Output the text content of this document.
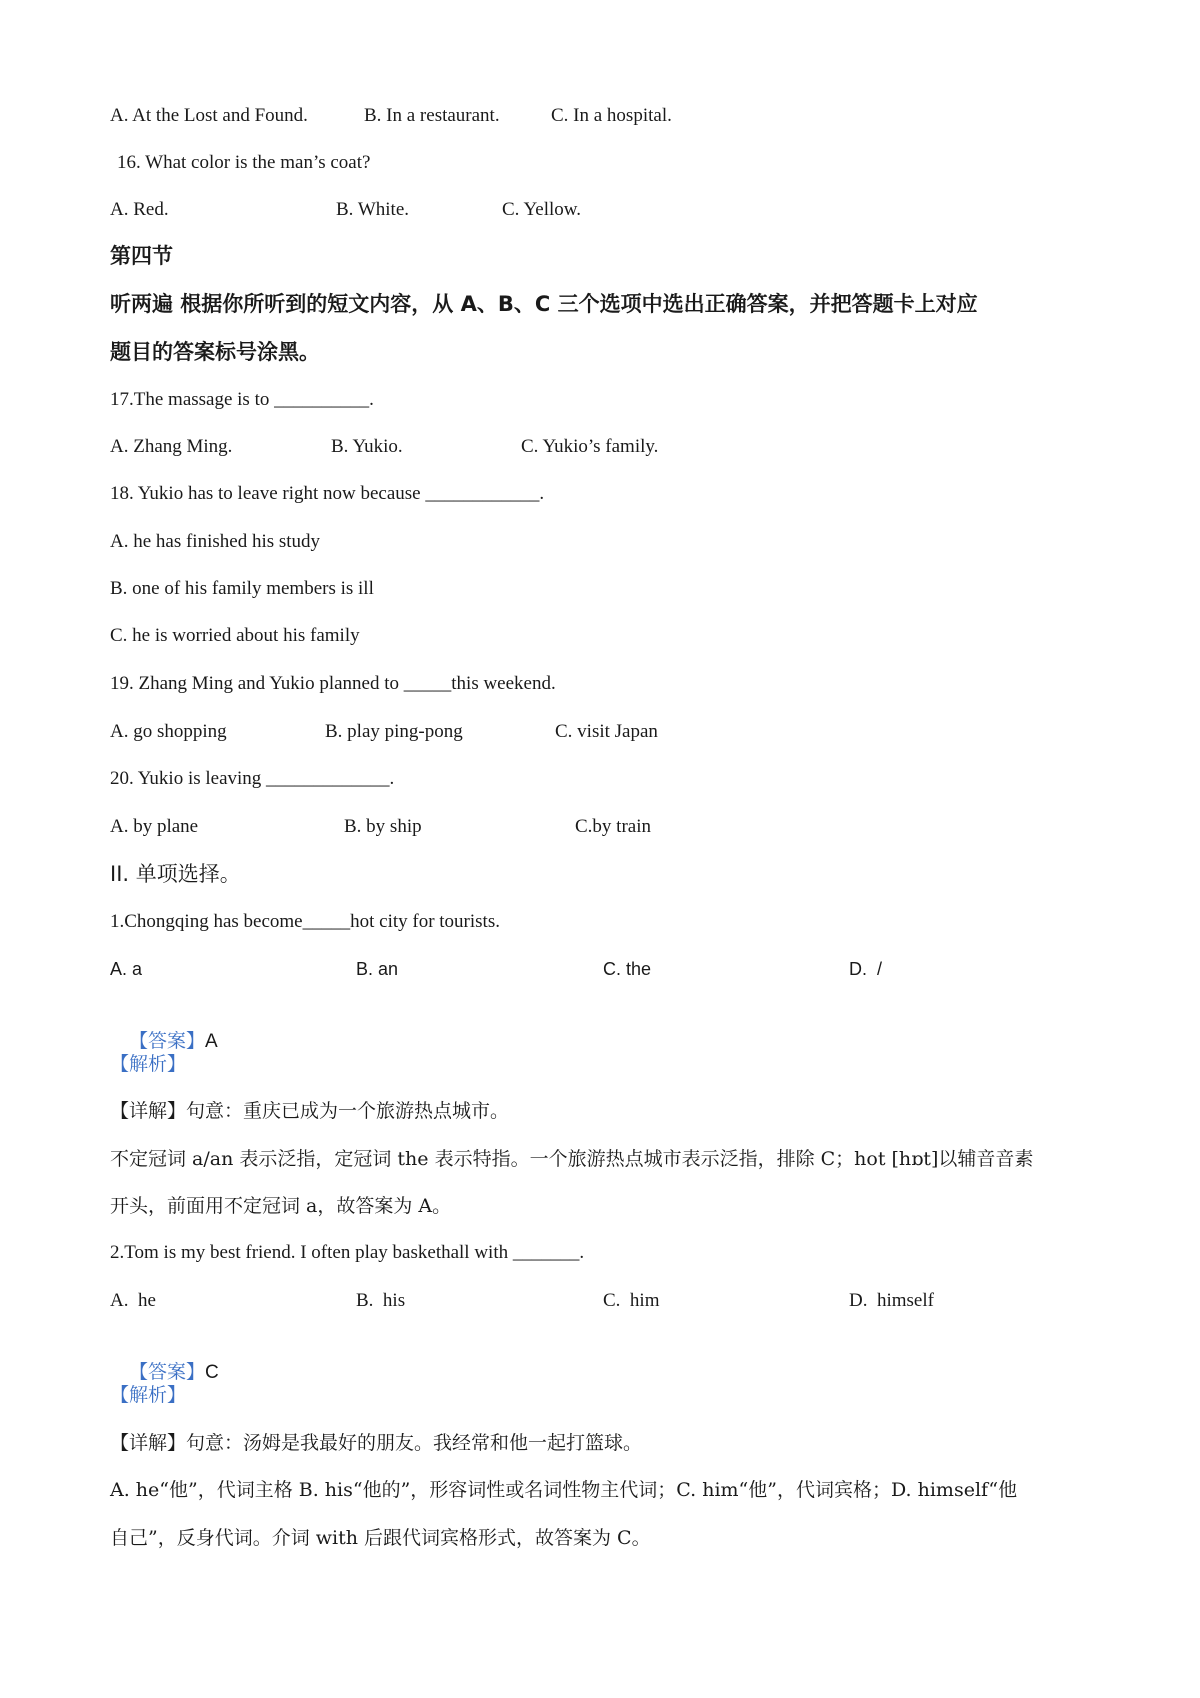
A. At the Lost and Found.	B. In a restaurant.	C. In a hospital.
16. What color is the man’s coat?
A. Red.	B. White.	C. Yellow.
第四节
听两遍 根据你所听到的短文内容，从 A、B、C 三个选项中选出正确答案，并把答题卡上对应
题目的答案标号涂黑。
17.The massage is to __________.
A. Zhang Ming.	B. Yukio.	C. Yukio’s family.
18. Yukio has to leave right now because ____________.
A. he has finished his study
B. one of his family members is ill
C. he is worried about his family
19. Zhang Ming and Yukio planned to _____this weekend.
A. go shopping	B. play ping-pong	C. visit Japan
20. Yukio is leaving _____________.
A. by plane	B. by ship	C.by train
II. 单项选择。
1.Chongqing has become_____hot city for tourists.
A. a	B. an	C. the	D.  /

【答案】A

【解析】
【详解】句意：重庆已成为一个旅游热点城市。
不定冠词 a/an 表示泛指，定冠词 the 表示特指。一个旅游热点城市表示泛指，排除 C；hot [hɒt]以辅音音素
开头，前面用不定冠词 a，故答案为 A。
2.Tom is my best friend. I often play baskethall with _______.
A.  he	B.  his	C.  him	D.  himself

【答案】C

【解析】
【详解】句意：汤姆是我最好的朋友。我经常和他一起打篮球。
A. he“他”，代词主格 B. his“他的”，形容词性或名词性物主代词；C. him“他”，代词宾格；D. himself“他
自己”，反身代词。介词 with 后跟代词宾格形式，故答案为 C。
